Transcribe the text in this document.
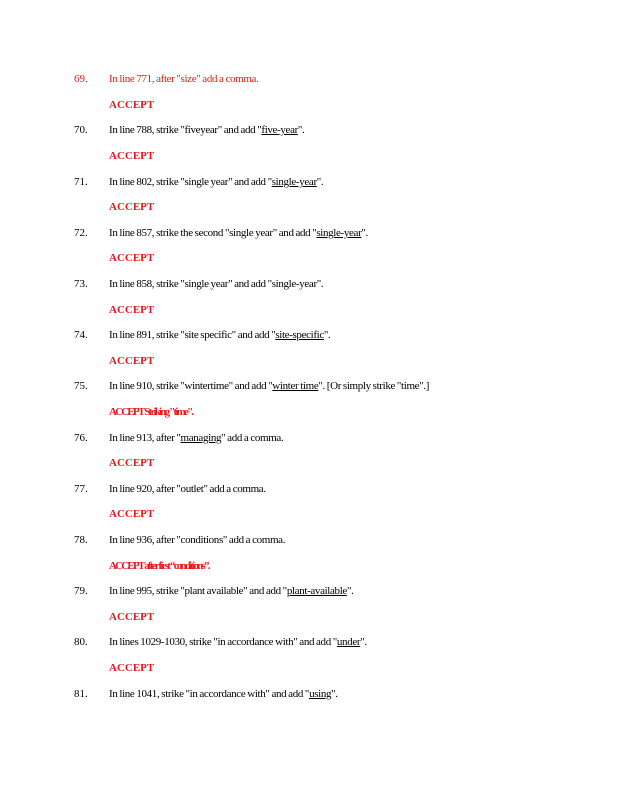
69. In line 771, after "size" add a comma.
ACCEPT
70. In line 788, strike "fiveyear" and add "five-year".
ACCEPT
71. In line 802, strike "single year" and add "single-year".
ACCEPT
72. In line 857, strike the second "single year" and add "single-year".
ACCEPT
73. In line 858, strike "single year" and add "single-year".
ACCEPT
74. In line 891, strike "site specific" and add "site-specific".
ACCEPT
75. In line 910, strike "wintertime" and add "winter time". [Or simply strike "time".]
ACCEPT Striking "time".
76. In line 913, after "managing" add a comma.
ACCEPT
77. In line 920, after "outlet" add a comma.
ACCEPT
78. In line 936, after "conditions" add a comma.
ACCEPT after first “conditions”.
79. In line 995, strike "plant available" and add "plant-available".
ACCEPT
80. In lines 1029-1030, strike "in accordance with" and add "under".
ACCEPT
81. In line 1041, strike "in accordance with" and add "using".
